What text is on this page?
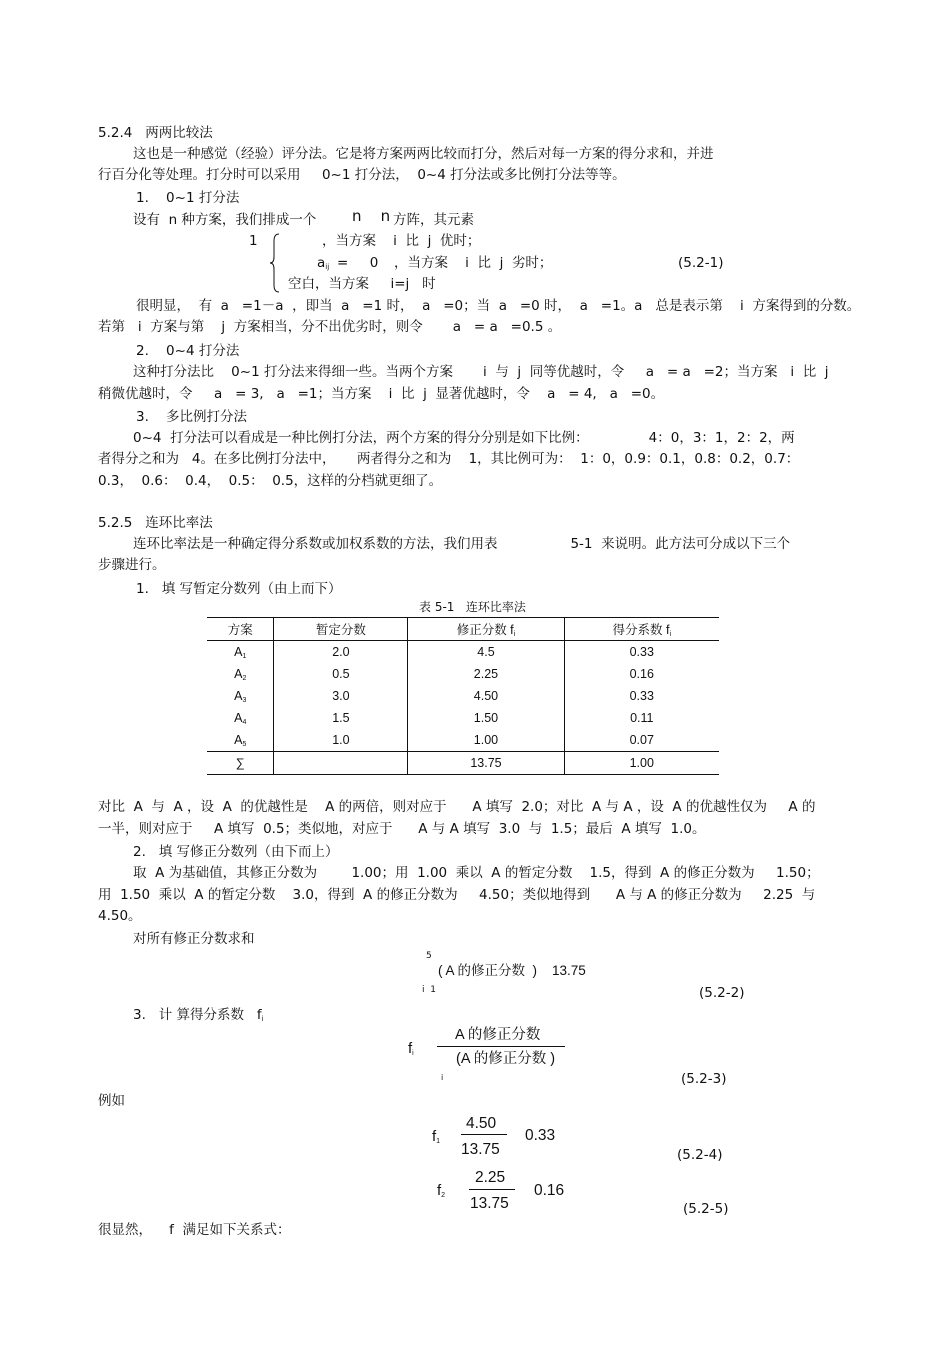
5.2.4   两两比较法
这也是一种感觉（经验）评分法。它是将方案两两比较而打分，然后对每一方案的得分求和，并进
行百分化等处理。打分时可以采用     0~1 打分法，  0~4 打分法或多比例打分法等等。
1.    0~1 打分法
设有  n 种方案，我们排成一个 n    n 方阵，其元素
1	，当方案    i  比  j  优时；
$a_{ij}$ =     0 ，当方案    i  比  j  劣时；	(5.2-1)
空白，当方案     i=j   时
很明显，  有  a   =1－a  ，即当  a   =1 时，  a   =0；当  a   =0 时，  a   =1。a   总是表示第    i  方案得到的分数。
若第   i  方案与第    j  方案相当，分不出优劣时，则令       a   = a   =0.5 。
2.    0~4 打分法
这种打分法比    0~1 打分法来得细一些。当两个方案       i  与  j  同等优越时，令     a   = a   =2；当方案   i  比  j
稍微优越时，令     a   = 3,   a   =1；当方案    i  比  j  显著优越时，令    a   = 4,   a   =0。
3.    多比例打分法
0~4  打分法可以看成是一种比例打分法，两个方案的得分分别是如下比例：              4：0，3：1，2：2，两
者得分之和为   4。在多比例打分法中，     两者得分之和为    1，其比例可为：  1：0，0.9：0.1，0.8：0.2，0.7：
0.3，  0.6：  0.4，  0.5：  0.5，这样的分档就更细了。
5.2.5   连环比率法
连环比率法是一种确定得分系数或加权系数的方法，我们用表                 5-1  来说明。此方法可分成以下三个
步骤进行。
1.   填 写暂定分数列（由上而下）
表 5-1   连环比率法
方案	暂定分数	修正分数 $f_i$	得分系数 $f_i$
$A_1$	2.0	4.5	0.33
$A_2$	0.5	2.25	0.16
$A_3$	3.0	4.50	0.33
$A_4$	1.5	1.50	0.11
$A_5$	1.0	1.00	0.07
∑		13.75	1.00
对比  A  与  A ，设  A  的优越性是    A 的两倍，则对应于      A 填写  2.0；对比  A 与 A ，设  A 的优越性仅为     A 的
一半，则对应于     A 填写  0.5；类似地，对应于      A 与 A 填写  3.0  与  1.5；最后  A 填写  1.0。
2.   填 写修正分数列（由下而上）
取  A 为基础值，其修正分数为        1.00；用  1.00  乘以  A 的暂定分数    1.5，得到  A 的修正分数为     1.50；
用  1.50  乘以  A 的暂定分数    3.0，得到  A 的修正分数为     4.50；类似地得到      A 与 A 的修正分数为     2.25  与
4.50。
对所有修正分数求和
5
( A 的修正分数  )    13.75
i  1	(5.2-2)
3.   计 算得分系数   $f_i$
$f_i$
A 的修正分数
(A 的修正分数 )
i	(5.2-3)
例如
$f_1$
4.50
13.75
0.33
(5.2-4)
$f_2$
2.25
13.75
0.16
(5.2-5)
很显然，    f  满足如下关系式：
